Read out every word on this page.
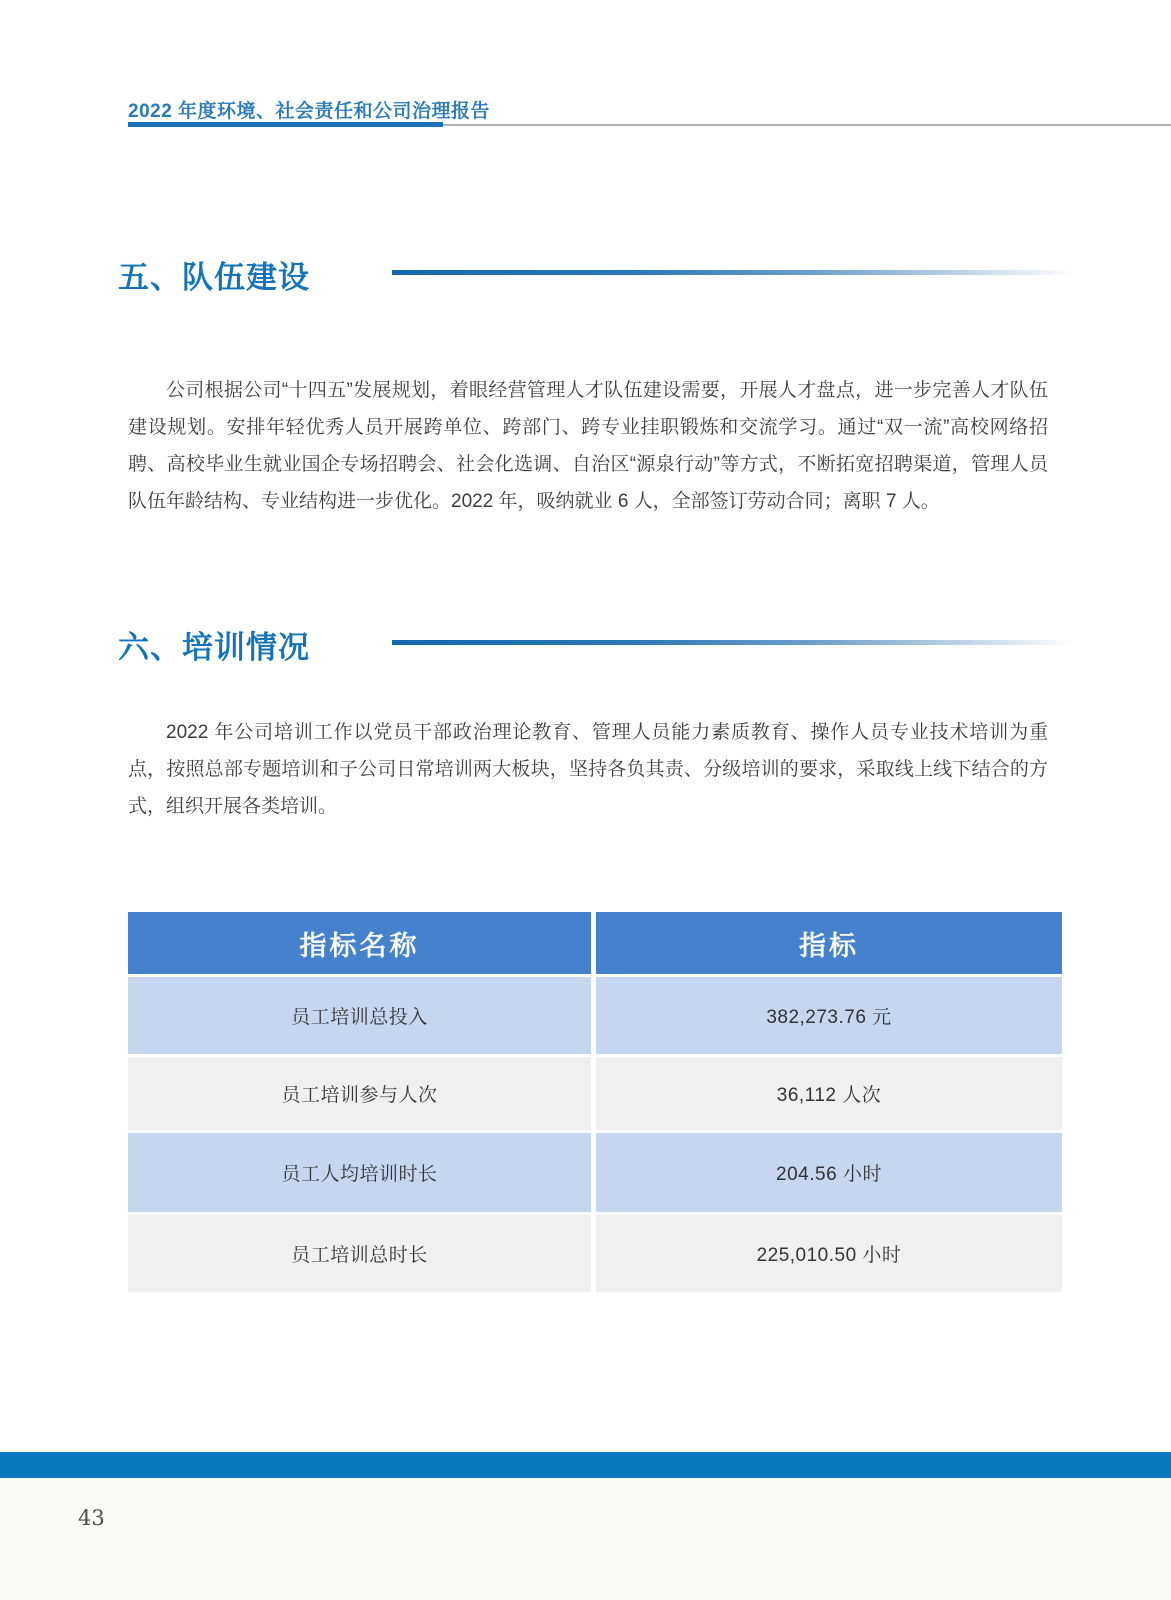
2022 年度环境、社会责任和公司治理报告
五、队伍建设
公司根据公司“十四五”发展规划，着眼经营管理人才队伍建设需要，开展人才盘点，进一步完善人才队伍建设规划。安排年轻优秀人员开展跨单位、跨部门、跨专业挂职锻炼和交流学习。通过“双一流”高校网络招聘、高校毕业生就业国企专场招聘会、社会化选调、自治区“源泉行动”等方式，不断拓宽招聘渠道，管理人员队伍年龄结构、专业结构进一步优化。2022 年，吸纳就业 6 人，全部签订劳动合同；离职 7 人。
六、培训情况
2022 年公司培训工作以党员干部政治理论教育、管理人员能力素质教育、操作人员专业技术培训为重点，按照总部专题培训和子公司日常培训两大板块，坚持各负其责、分级培训的要求，采取线上线下结合的方式，组织开展各类培训。
指标名称	指标
员工培训总投入	382,273.76 元
员工培训参与人次	36,112 人次
员工人均培训时长	204.56 小时
员工培训总时长	225,010.50 小时
43
